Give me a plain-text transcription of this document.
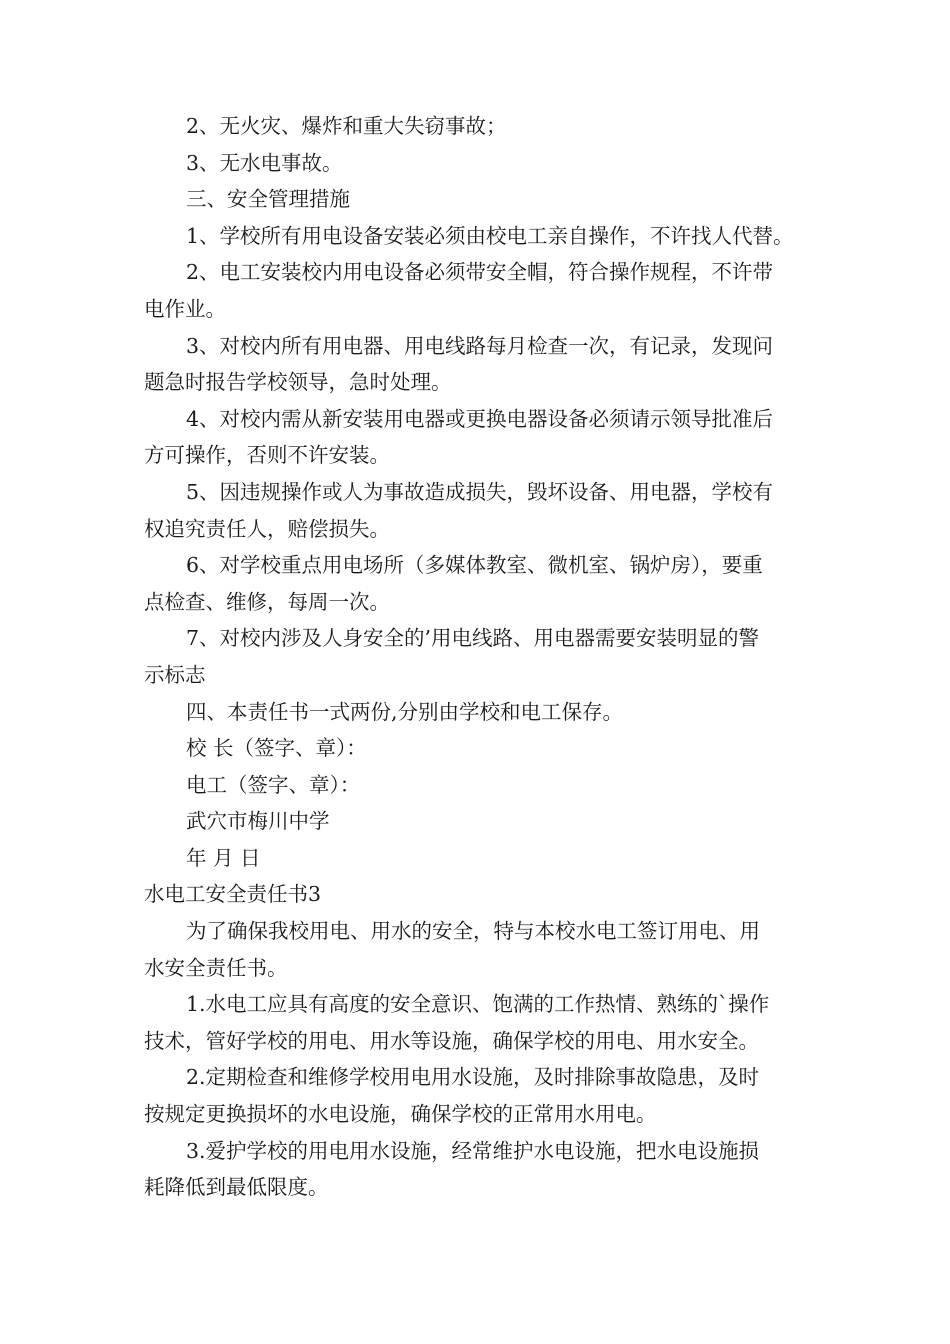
2、无火灾、爆炸和重大失窃事故；

3、无水电事故。

三、安全管理措施

1、学校所有用电设备安装必须由校电工亲自操作，不许找人代替。

2、电工安装校内用电设备必须带安全帽，符合操作规程，不许带

电作业。

3、对校内所有用电器、用电线路每月检查一次，有记录，发现问

题急时报告学校领导，急时处理。

4、对校内需从新安装用电器或更换电器设备必须请示领导批准后

方可操作，否则不许安装。

5、因违规操作或人为事故造成损失，毁坏设备、用电器，学校有

权追究责任人，赔偿损失。

6、对学校重点用电场所（多媒体教室、微机室、锅炉房），要重

点检查、维修，每周一次。

7、对校内涉及人身安全的’用电线路、用电器需要安装明显的警

示标志

四、本责任书一式两份,分别由学校和电工保存。

校 长（签字、章）：

电工（签字、章）：

武穴市梅川中学

年 月 日

水电工安全责任书3

为了确保我校用电、用水的安全，特与本校水电工签订用电、用

水安全责任书。

1.水电工应具有高度的安全意识、饱满的工作热情、熟练的`操作

技术，管好学校的用电、用水等设施，确保学校的用电、用水安全。

2.定期检查和维修学校用电用水设施，及时排除事故隐患，及时

按规定更换损坏的水电设施，确保学校的正常用水用电。

3.爱护学校的用电用水设施，经常维护水电设施，把水电设施损

耗降低到最低限度。
